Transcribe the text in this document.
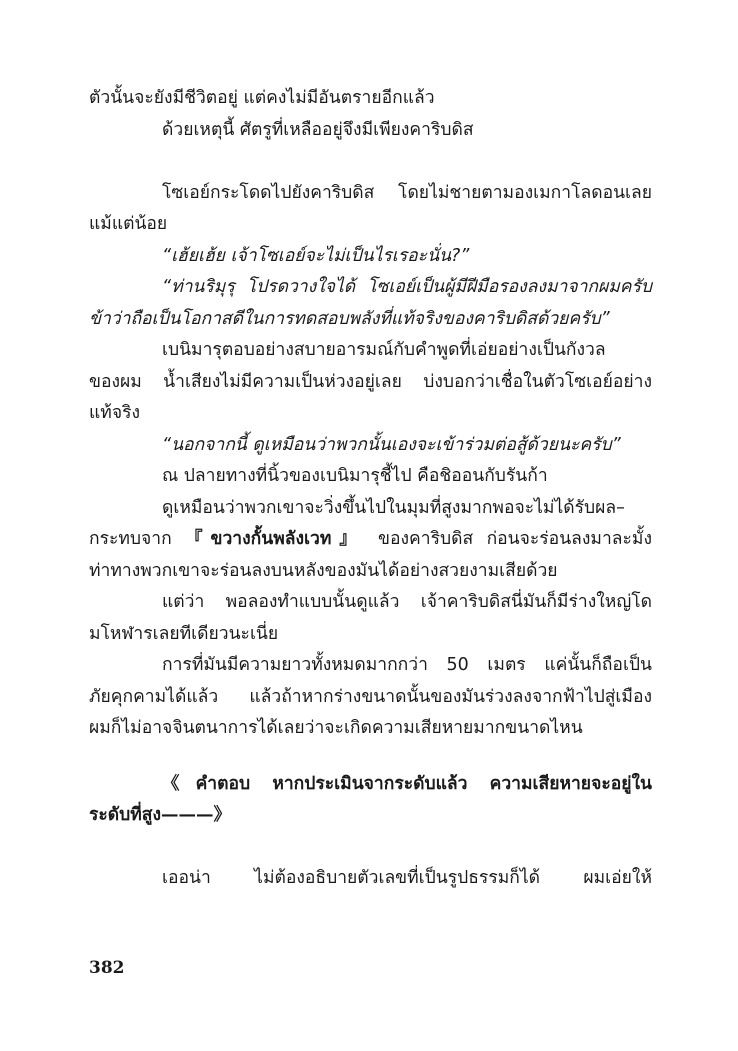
ตัวนั้นจะยังมีชีวิตอยู่ แต่คงไม่มีอันตรายอีกแล้ว
ด้วยเหตุนี้ ศัตรูที่เหลืออยู่จึงมีเพียงคาริบดิส
โซเอย์กระโดดไปยังคาริบดิส โดยไม่ชายตามองเมกาโลดอนเลย
แม้แต่น้อย
“เฮ้ยเฮ้ย เจ้าโซเอย์จะไม่เป็นไรเรอะนั่น?”
“ท่านริมุรุ โปรดวางใจได้ โซเอย์เป็นผู้มีฝีมือรองลงมาจากผมครับ
ข้าว่าถือเป็นโอกาสดีในการทดสอบพลังที่แท้จริงของคาริบดิสด้วยครับ”
เบนิมารุตอบอย่างสบายอารมณ์กับคำพูดที่เอ่ยอย่างเป็นกังวล
ของผม น้ำเสียงไม่มีความเป็นห่วงอยู่เลย บ่งบอกว่าเชื่อในตัวโซเอย์อย่าง
แท้จริง
“นอกจากนี้ ดูเหมือนว่าพวกนั้นเองจะเข้าร่วมต่อสู้ด้วยนะครับ”
ณ ปลายทางที่นิ้วของเบนิมารุชี้ไป คือชิออนกับรันก้า
ดูเหมือนว่าพวกเขาจะวิ่งขึ้นไปในมุมที่สูงมากพอจะไม่ได้รับผล–
กระทบจาก 『ขวางกั้นพลังเวท』 ของคาริบดิส ก่อนจะร่อนลงมาละมั้ง
ท่าทางพวกเขาจะร่อนลงบนหลังของมันได้อย่างสวยงามเสียด้วย
แต่ว่า พอลองทำแบบนั้นดูแล้ว เจ้าคาริบดิสนี่มันก็มีร่างใหญ่โด
มโหฬารเลยทีเดียวนะเนี่ย
การที่มันมีความยาวทั้งหมดมากกว่า 50 เมตร แค่นั้นก็ถือเป็น
ภัยคุกคามได้แล้ว แล้วถ้าหากร่างขนาดนั้นของมันร่วงลงจากฟ้าไปสู่เมือง
ผมก็ไม่อาจจินตนาการได้เลยว่าจะเกิดความเสียหายมากขนาดไหน
《คำตอบ หากประเมินจากระดับแล้ว ความเสียหายจะอยู่ใน
ระดับที่สูง———》
เออน่า ไม่ต้องอธิบายตัวเลขที่เป็นรูปธรรมก็ได้ ผมเอ่ยให้
382
